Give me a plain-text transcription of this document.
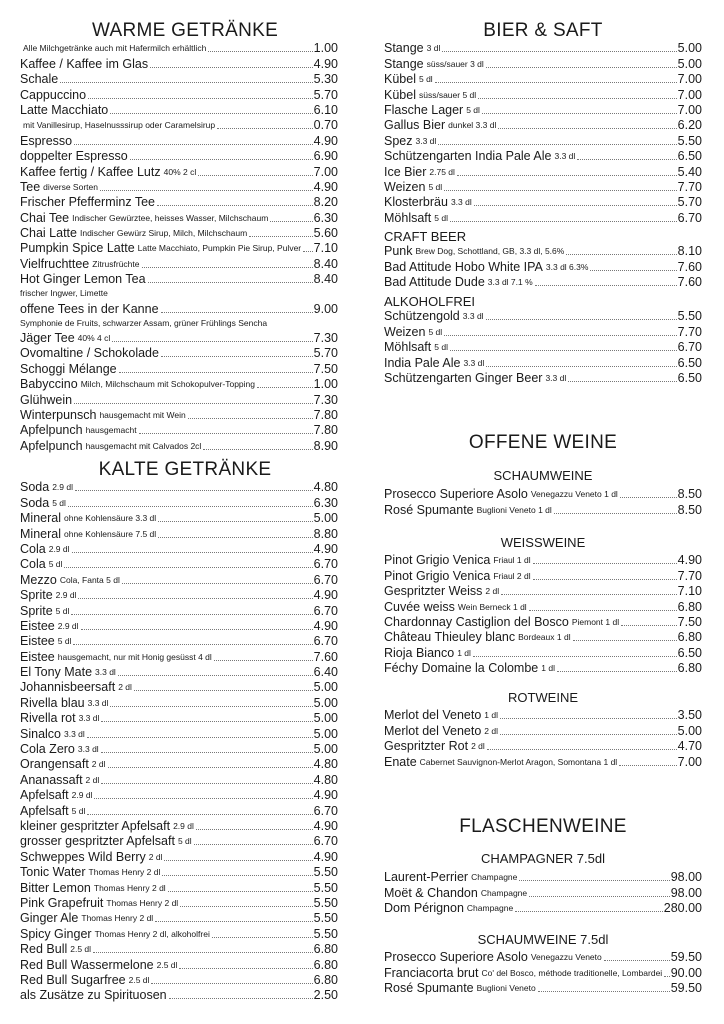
WARME GETRÄNKE
Alle Milchgetränke auch mit Hafermilch erhältlich	1.00
Kaffee / Kaffee im Glas	4.90
Schale	5.30
Cappuccino	5.70
Latte Macchiato	6.10
mit Vanillesirup, Haselnusssirup oder Caramelsirup	0.70
Espresso	4.90
doppelter Espresso	6.90
Kaffee fertig / Kaffee Lutz 40% 2 cl	7.00
Tee diverse Sorten	4.90
Frischer Pfefferminz Tee	8.20
Chai Tee Indischer Gewürztee, heisses Wasser, Milchschaum	6.30
Chai Latte Indischer Gewürz Sirup, Milch, Milchschaum	5.60
Pumpkin Spice Latte Latte Macchiato, Pumpkin Pie Sirup, Pulver 7.10
Vielfruchttee Zitrusfrüchte	8.40
Hot Ginger Lemon Tea	8.40
frischer Ingwer, Limette
offene Tees in der Kanne	9.00
Symphonie de Fruits, schwarzer Assam, grüner Frühlings Sencha
Jäger Tee 40% 4 cl	7.30
Ovomaltine / Schokolade	5.70
Schoggi Mélange	7.50
Babyccino Milch, Milchschaum mit Schokopulver-Topping	1.00
Glühwein	7.30
Winterpunsch hausgemacht mit Wein	7.80
Apfelpunch hausgemacht	7.80
Apfelpunch hausgemacht mit Calvados 2cl	8.90
KALTE GETRÄNKE
Soda 2.9 dl	4.80
Soda 5 dl	6.30
Mineral ohne Kohlensäure 3.3 dl	5.00
Mineral ohne Kohlensäure 7.5 dl	8.80
Cola 2.9 dl	4.90
Cola 5 dl	6.70
Mezzo Cola, Fanta 5 dl	6.70
Sprite 2.9 dl	4.90
Sprite 5 dl	6.70
Eistee 2.9 dl	4.90
Eistee 5 dl	6.70
Eistee hausgemacht, nur mit Honig gesüsst 4 dl	7.60
El Tony Mate 3.3 dl	6.40
Johannisbeersaft 2 dl	5.00
Rivella blau 3.3 dl	5.00
Rivella rot 3.3 dl	5.00
Sinalco 3.3 dl	5.00
Cola Zero 3.3 dl	5.00
Orangensaft 2 dl	4.80
Ananassaft 2 dl	4.80
Apfelsaft 2.9 dl	4.90
Apfelsaft 5 dl	6.70
kleiner gespritzter Apfelsaft 2.9 dl	4.90
grosser gespritzter Apfelsaft 5 dl	6.70
Schweppes Wild Berry 2 dl	4.90
Tonic Water Thomas Henry 2 dl	5.50
Bitter Lemon Thomas Henry 2 dl	5.50
Pink Grapefruit Thomas Henry 2 dl	5.50
Ginger Ale Thomas Henry 2 dl	5.50
Spicy Ginger Thomas Henry 2 dl, alkoholfrei	5.50
Red Bull 2.5 dl	6.80
Red Bull Wassermelone 2.5 dl	6.80
Red Bull Sugarfree 2.5 dl	6.80
als Zusätze zu Spirituosen	2.50
BIER & SAFT
Stange 3 dl	5.00
Stange süss/sauer 3 dl	5.00
Kübel 5 dl	7.00
Kübel süss/sauer 5 dl	7.00
Flasche Lager 5 dl	7.00
Gallus Bier dunkel 3.3 dl	6.20
Spez 3.3 dl	5.50
Schützengarten India Pale Ale 3.3 dl	6.50
Ice Bier 2.75 dl	5.40
Weizen 5 dl	7.70
Klosterbräu 3.3 dl	5.70
Möhlsaft 5 dl	6.70
CRAFT BEER
Punk Brew Dog, Schottland, GB, 3.3 dl, 5.6%	8.10
Bad Attitude Hobo White IPA 3.3 dl 6.3%	7.60
Bad Attitude Dude 3.3 dl 7.1 %	7.60
ALKOHOLFREI
Schützengold 3.3 dl	5.50
Weizen 5 dl	7.70
Möhlsaft 5 dl	6.70
India Pale Ale 3.3 dl	6.50
Schützengarten Ginger Beer 3.3 dl	6.50
OFFENE WEINE
SCHAUMWEINE
Prosecco Superiore Asolo Venegazzu Veneto 1 dl	8.50
Rosé Spumante Buglioni Veneto 1 dl	8.50
WEISSWEINE
Pinot Grigio Venica Friaul 1 dl	4.90
Pinot Grigio Venica Friaul 2 dl	7.70
Gespritzter Weiss 2 dl	7.10
Cuvée weiss Wein Berneck 1 dl	6.80
Chardonnay Castiglion del Bosco Piemont 1 dl	7.50
Château Thieuley blanc Bordeaux 1 dl	6.80
Rioja Bianco 1 dl	6.50
Féchy Domaine la Colombe 1 dl	6.80
ROTWEINE
Merlot del Veneto 1 dl	3.50
Merlot del Veneto 2 dl	5.00
Gespritzter Rot 2 dl	4.70
Enate Cabernet Sauvignon-Merlot Aragon, Somontana 1 dl	7.00
FLASCHENWEINE
CHAMPAGNER 7.5dl
Laurent-Perrier Champagne	98.00
Moët & Chandon Champagne	98.00
Dom Pérignon Champagne	280.00
SCHAUMWEINE 7.5dl
Prosecco Superiore Asolo Venegazzu Veneto	59.50
Franciacorta brut Co' del Bosco, méthode traditionelle, Lombardei 90.00
Rosé Spumante Buglioni Veneto	59.50
